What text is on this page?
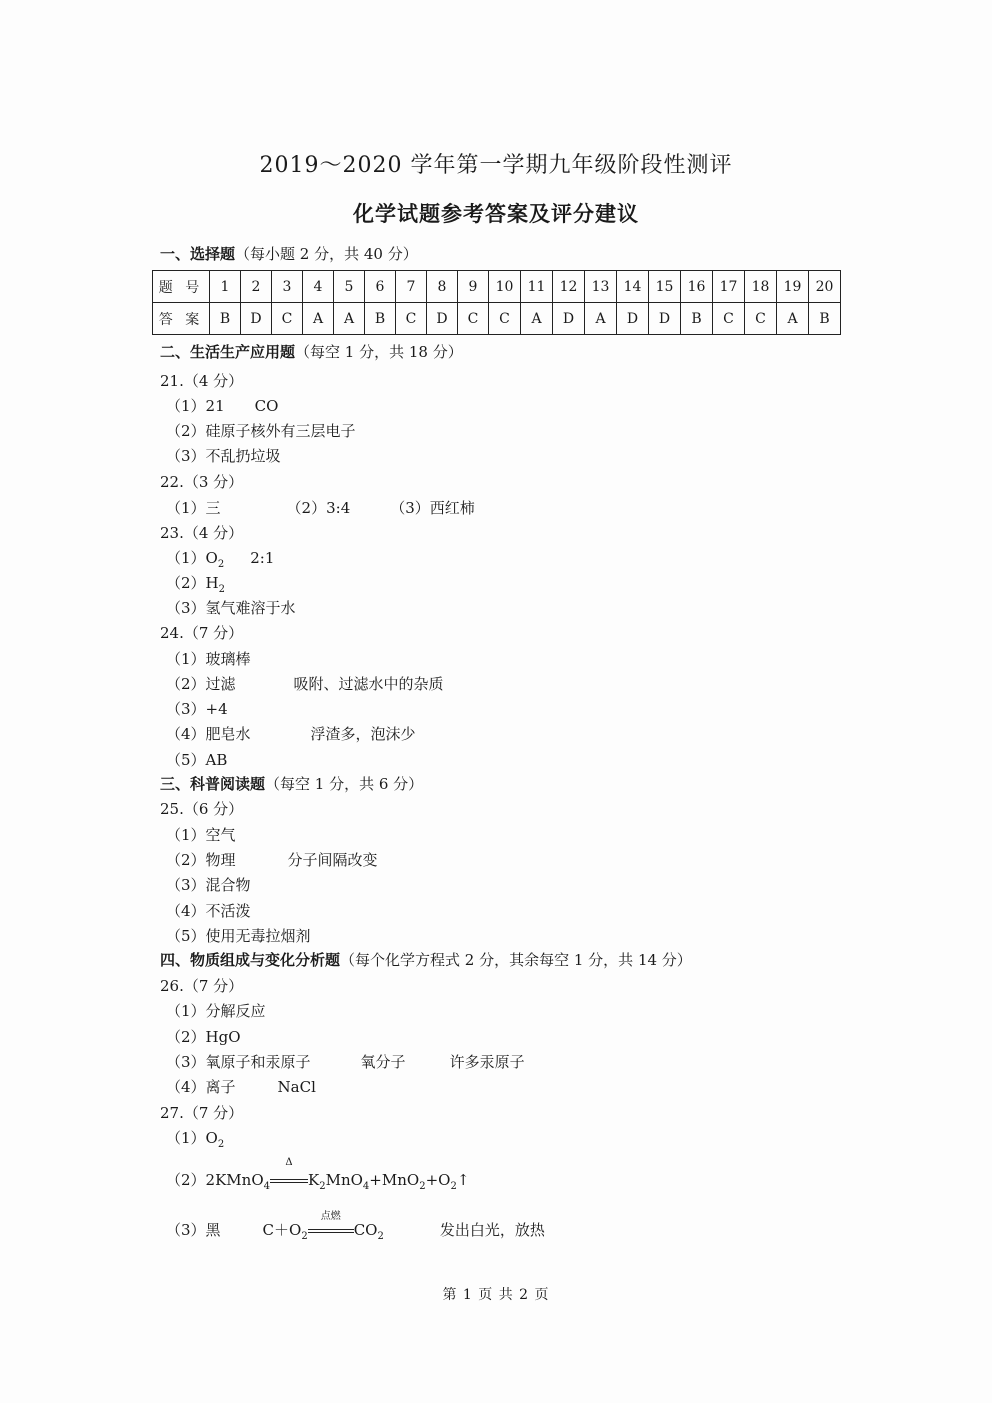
2019～2020 学年第一学期九年级阶段性测评
化学试题参考答案及评分建议
一、选择题（每小题 2 分，共 40 分）
题 号	1	2	3	4	5	6	7	8	9	10	11	12	13	14	15	16	17	18	19	20
答 案	B	D	C	A	A	B	C	D	C	C	A	D	A	D	D	B	C	C	A	B
二、生活生产应用题（每空 1 分，共 18 分）
21.（4 分）
（1）21 CO
（2）硅原子核外有三层电子
（3）不乱扔垃圾
22.（3 分）
（1）三	（2）3:4	（3）西红柿
23.（4 分）
$(1)O_2$ 2:1
$(2)H_2$
（3）氢气难溶于水
24.（7 分）
（1）玻璃棒
（2）过滤	吸附、过滤水中的杂质
（3）+4
（4）肥皂水	浮渣多，泡沫少
（5）AB
三、科普阅读题（每空 1 分，共 6 分）
25.（6 分）
（1）空气
（2）物理	分子间隔改变
（3）混合物
（4）不活泼
（5）使用无毒拉烟剂
四、物质组成与变化分析题（每个化学方程式 2 分，其余每空 1 分，共 14 分）
26.（7 分）
（1）分解反应
（2）HgO
（3）氧原子和汞原子	氧分子	许多汞原子
（4）离子	NaCl
27.（7 分）
$(1)O_2$
（2）2KMnO$_4$
Δ
$K_2MnO_4+MnO_2+O_2↑$
（3）黑	$C+O_2$
点燃
$CO_2$	发出白光，放热
第 1 页 共 2 页
